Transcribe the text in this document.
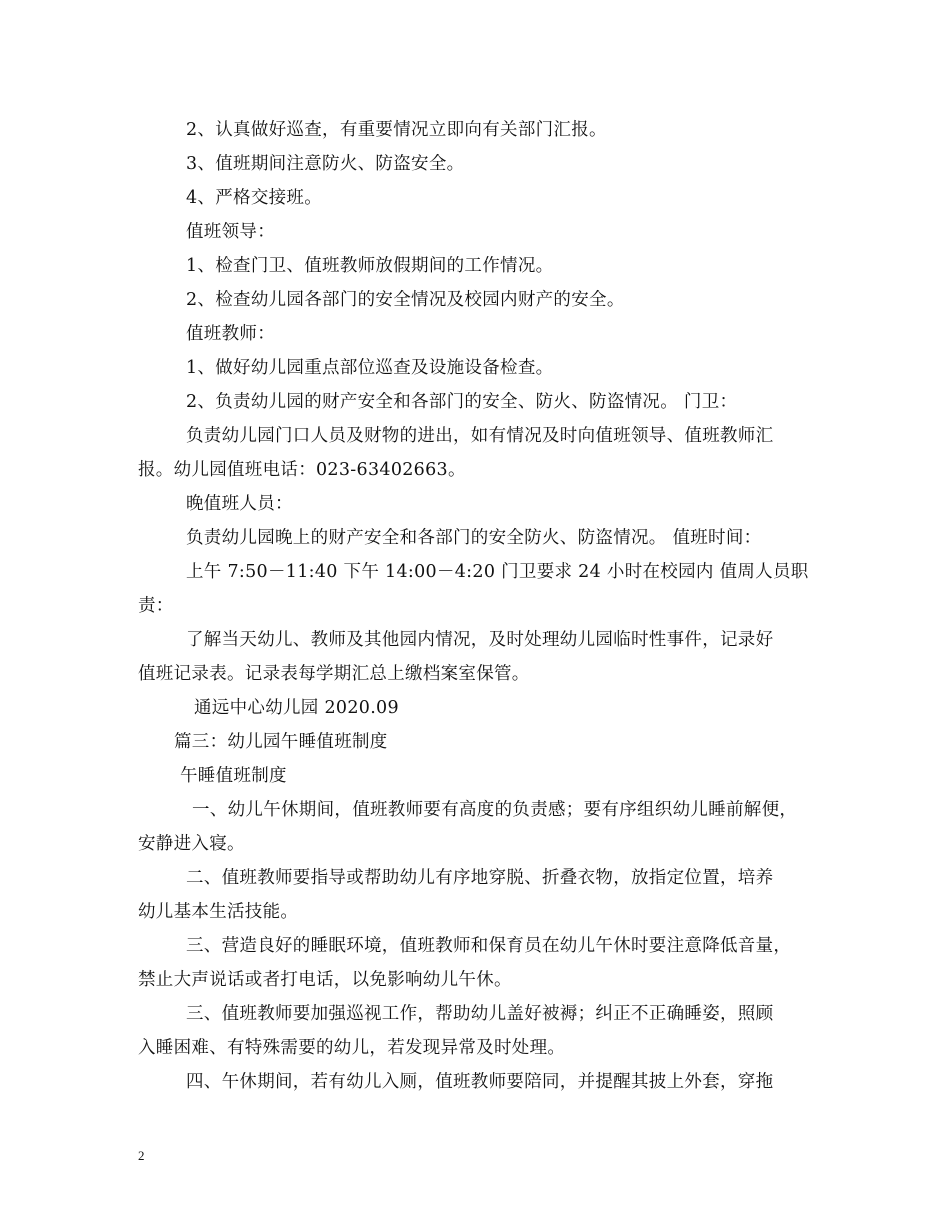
2、认真做好巡查，有重要情况立即向有关部门汇报。
3、值班期间注意防火、防盗安全。
4、严格交接班。
值班领导：
1、检查门卫、值班教师放假期间的工作情况。
2、检查幼儿园各部门的安全情况及校园内财产的安全。
值班教师：
1、做好幼儿园重点部位巡查及设施设备检查。
2、负责幼儿园的财产安全和各部门的安全、防火、防盗情况。 门卫：
负责幼儿园门口人员及财物的进出，如有情况及时向值班领导、值班教师汇
报。幼儿园值班电话：023-63402663。
晚值班人员：
负责幼儿园晚上的财产安全和各部门的安全防火、防盗情况。 值班时间：
上午 7:50－11:40 下午 14:00－4:20 门卫要求 24 小时在校园内 值周人员职
责：
了解当天幼儿、教师及其他园内情况，及时处理幼儿园临时性事件，记录好
值班记录表。记录表每学期汇总上缴档案室保管。
通远中心幼儿园 2020.09
篇三：幼儿园午睡值班制度
午睡值班制度
一、幼儿午休期间，值班教师要有高度的负责感；要有序组织幼儿睡前解便，
安静进入寝。
二、值班教师要指导或帮助幼儿有序地穿脱、折叠衣物，放指定位置，培养
幼儿基本生活技能。
三、营造良好的睡眠环境，值班教师和保育员在幼儿午休时要注意降低音量，
禁止大声说话或者打电话，以免影响幼儿午休。
三、值班教师要加强巡视工作，帮助幼儿盖好被褥；纠正不正确睡姿，照顾
入睡困难、有特殊需要的幼儿，若发现异常及时处理。
四、午休期间，若有幼儿入厕，值班教师要陪同，并提醒其披上外套，穿拖
2
